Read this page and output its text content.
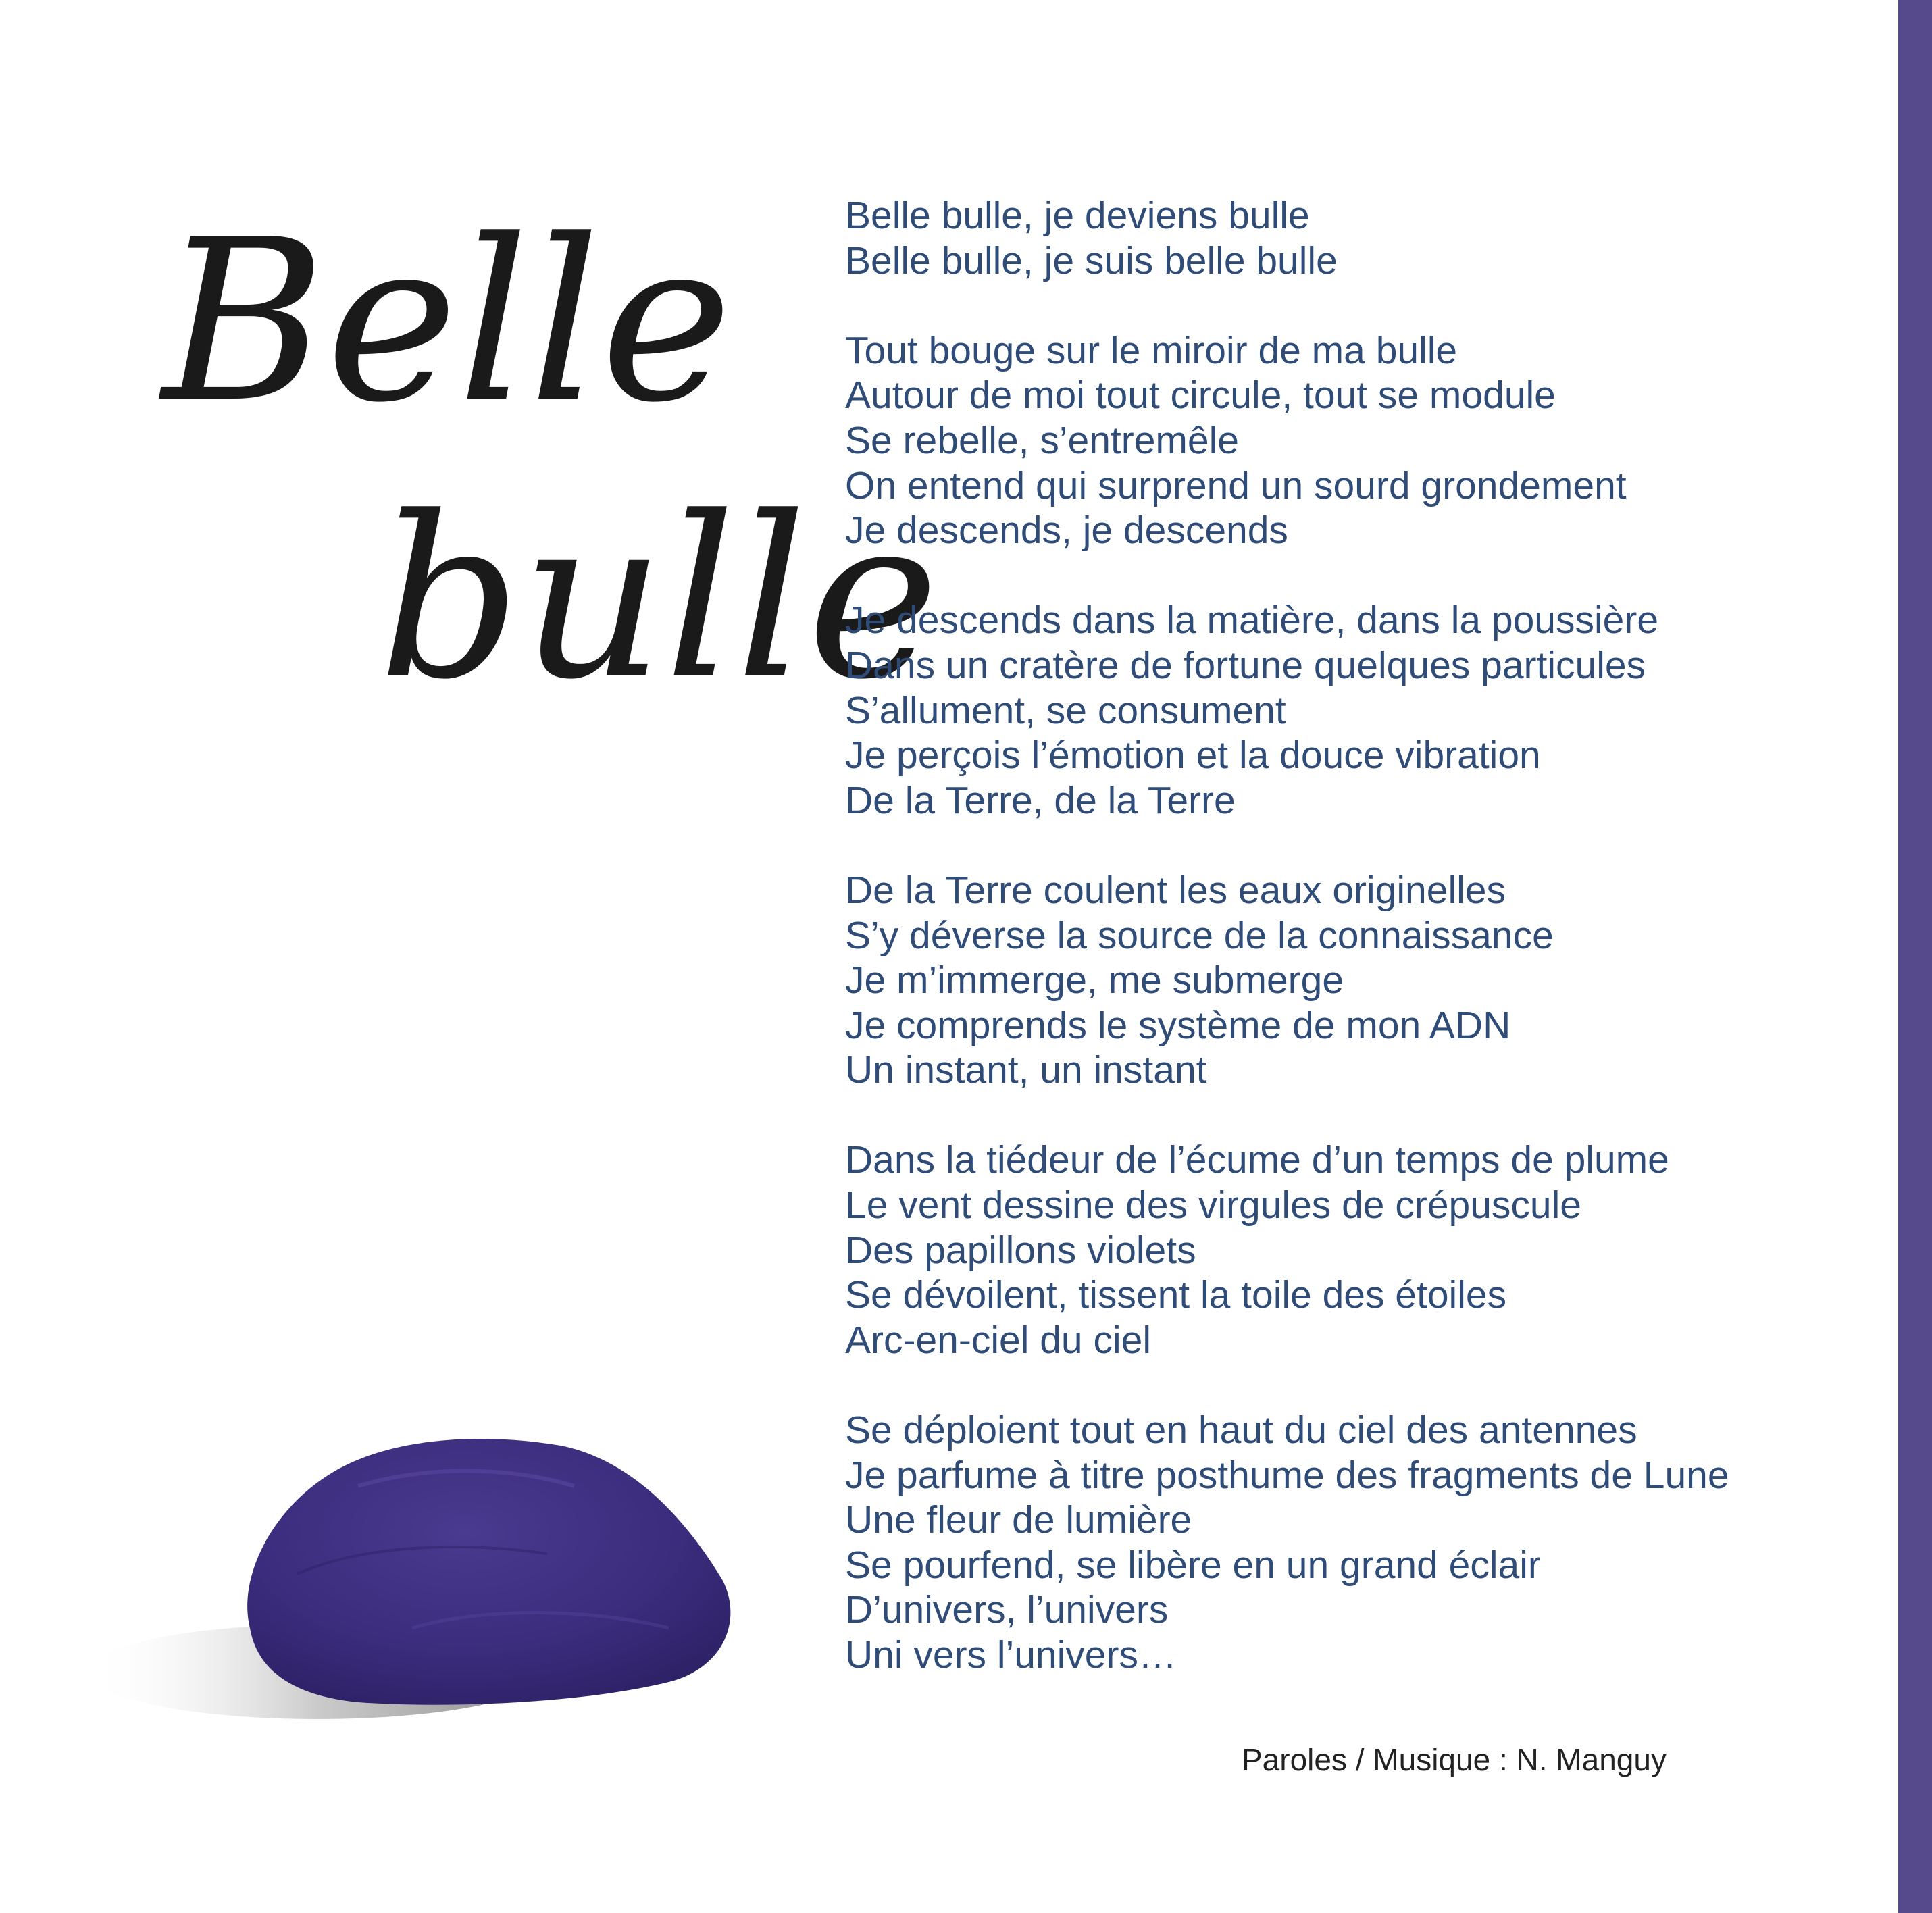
Belle
bulle
Belle bulle, je deviens bulle
Belle bulle, je suis belle bulle
Tout bouge sur le miroir de ma bulle
Autour de moi tout circule, tout se module
Se rebelle, s’entremêle
On entend qui surprend un sourd grondement
Je descends, je descends
Je descends dans la matière, dans la poussière
Dans un cratère de fortune quelques particules
S’allument, se consument
Je perçois l’émotion et la douce vibration
De la Terre, de la Terre
De la Terre coulent les eaux originelles
S’y déverse la source de la connaissance
Je m’immerge, me submerge
Je comprends le système de mon ADN
Un instant, un instant
Dans la tiédeur de l’écume d’un temps de plume
Le vent dessine des virgules de crépuscule
Des papillons violets
Se dévoilent, tissent la toile des étoiles
Arc-en-ciel du ciel
Se déploient tout en haut du ciel des antennes
Je parfume à titre posthume des fragments de Lune
Une fleur de lumière
Se pourfend, se libère en un grand éclair
D’univers, l’univers
Uni vers l’univers…
Paroles / Musique : N. Manguy
